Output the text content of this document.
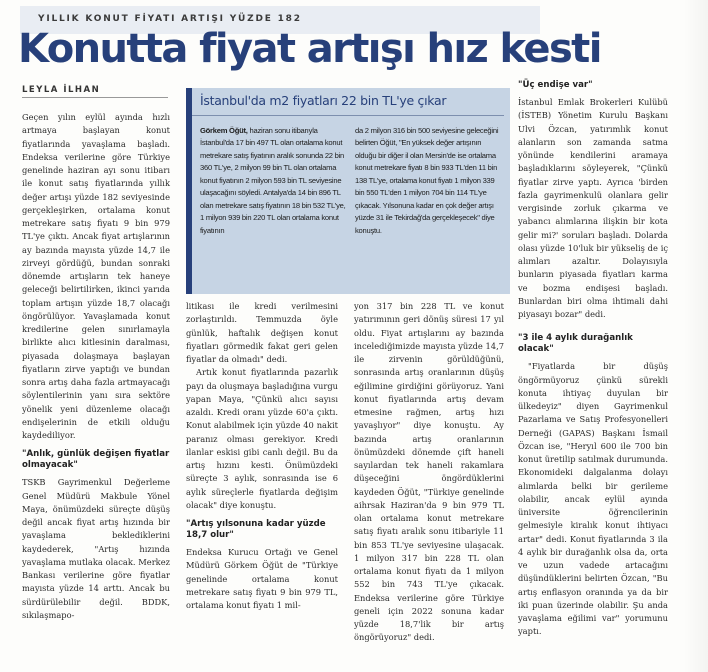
YILLIK KONUT FİYATI ARTIŞI YÜZDE 182
Konutta fiyat artışı hız kesti
LEYLA İLHAN

Geçen yılın eylül ayında hızlı artmaya başlayan konut fiyatlarında yavaşlama başladı. Endeksa verilerine göre Türkiye genelinde haziran ayı sonu itibarı ile konut satış fiyatlarında yıllık değer artışı yüzde 182 seviyesinde gerçekleşirken, ortalama konut metrekare satış fiyatı 9 bin 979 TL'ye çıktı. Ancak fiyat artışlarının ay bazında mayısta yüzde 14,7 ile zirveyi gördüğü, bundan sonraki dönemde artışların tek haneye geleceği belirtilirken, ikinci yarıda toplam artışın yüzde 18,7 olacağı öngörülüyor. Yavaşlamada konut kredilerine gelen sınırlamayla birlikte alıcı kitlesinin daralması, piyasada dolaşmaya başlayan fiyatların zirve yaptığı ve bundan sonra artış daha fazla artmayacağı söylentilerinin yanı sıra sektöre yönelik yeni düzenleme olacağı endişelerinin de etkili olduğu kaydediliyor.

"Anlık, günlük değişen fiyatlar olmayacak"

TSKB Gayrimenkul Değerleme Genel Müdürü Makbule Yönel Maya, önümüzdeki süreçte düşüş değil ancak fiyat artış hızında bir yavaşlama beklediklerini kaydederek, "Artış hızında yavaşlama mutlaka olacak. Merkez Bankası verilerine göre fiyatlar mayısta yüzde 14 arttı. Ancak bu sürdürülebilir değil. BDDK, sıkılaşmapo-

İstanbul'da m2 fiyatları 22 bin TL'ye çıkar
Görkem Öğüt, haziran sonu itibarıyla İstanbul'da 17 bin 497 TL olan ortalama konut metrekare satış fiyatının aralık sonunda 22 bin 360 TL'ye, 2 milyon 99 bin TL olan ortalama konut fiyatının 2 milyon 593 bin TL seviyesine ulaşacağını söyledi. Antalya'da 14 bin 896 TL olan metrekare satış fiyatının 18 bin 532 TL'ye, 1 milyon 939 bin 220 TL olan ortalama konut fiyatının
da 2 milyon 316 bin 500 seviyesine geleceğini belirten Öğüt, "En yüksek değer artışının olduğu bir diğer il olan Mersin'de ise ortalama konut metrekare fiyatı 8 bin 933 TL'den 11 bin 138 TL'ye, ortalama konut fiyatı 1 milyon 339 bin 550 TL'den 1 milyon 704 bin 114 TL'ye çıkacak. Yılsonuna kadar en çok değer artışı yüzde 31 ile Tekirdağ'da gerçekleşecek" diye konuştu.

litikası ile kredi verilmesini zorlaştırıldı. Temmuzda öyle günlük, haftalık değişen konut fiyatları görmedik fakat geri gelen fiyatlar da olmadı" dedi.

Artık konut fiyatlarında pazarlık payı da oluşmaya başladığına vurgu yapan Maya, "Çünkü alıcı sayısı azaldı. Kredi oranı yüzde 60'a çıktı. Konut alabilmek için yüzde 40 nakit paranız olması gerekiyor. Kredi ilanlar eskisi gibi canlı değil. Bu da artış hızını kesti. Önümüzdeki süreçte 3 aylık, sonrasında ise 6 aylık süreçlerle fiyatlarda değişim olacak" diye konuştu.

"Artış yılsonuna kadar yüzde 18,7 olur"

Endeksa Kurucu Ortağı ve Genel Müdürü Görkem Öğüt de "Türkiye genelinde ortalama konut metrekare satış fiyatı 9 bin 979 TL, ortalama konut fiyatı 1 mil-

yon 317 bin 228 TL ve konut yatırımının geri dönüş süresi 17 yıl oldu. Fiyat artışlarını ay bazında incelediğimizde mayısta yüzde 14,7 ile zirvenin görüldüğünü, sonrasında artış oranlarının düşüş eğilimine girdiğini görüyoruz. Yani konut fiyatlarında artış devam etmesine rağmen, artış hızı yavaşlıyor" diye konuştu. Ay bazında artış oranlarının önümüzdeki dönemde çift haneli sayılardan tek haneli rakamlara düşeceğini öngördüklerini kaydeden Öğüt, "Türkiye genelinde aihrsak Haziran'da 9 bin 979 TL olan ortalama konut metrekare satış fiyatı aralık sonu itibariyle 11 bin 853 TL'ye seviyesine ulaşacak. 1 milyon 317 bin 228 TL olan ortalama konut fiyatı da 1 milyon 552 bin 743 TL'ye çıkacak. Endeksa verilerine göre Türkiye geneli için 2022 sonuna kadar yüzde 18,7'lik bir artış öngörüyoruz" dedi.

"Üç endişe var"

İstanbul Emlak Brokerleri Kulübü (İSTEB) Yönetim Kurulu Başkanı Ulvi Özcan, yatırımlık konut alanların son zamanda satma yönünde kendilerini aramaya başladıklarını söyleyerek, "Çünkü fiyatlar zirve yaptı. Ayrıca 'birden fazla gayrimenkulü olanlara gelir vergisinde zorluk çıkarma ve yabancı alımlarına ilişkin bir kota gelir mi?' soruları başladı. Dolarda olası yüzde 10'luk bir yükseliş de iç alımları azaltır. Dolayısıyla bunların piyasada fiyatları karma ve bozma endişesi başladı. Bunlardan biri olma ihtimali dahi piyasayı bozar" dedi.

"3 ile 4 aylık durağanlık olacak"

"Fiyatlarda bir düşüş öngörmüyoruz çünkü sürekli konuta ihtiyaç duyulan bir ülkedeyiz" diyen Gayrimenkul Pazarlama ve Satış Profesyonelleri Derneği (GAPAS) Başkanı İsmail Özcan ise, "Heryıl 600 ile 700 bin konut üretilip satılmak durumunda. Ekonomideki dalgalanma dolayı alımlarda belki bir gerileme olabilir, ancak eylül ayında üniversite öğrencilerinin gelmesiyle kiralık konut ihtiyacı artar" dedi. Konut fiyatlarında 3 ila 4 aylık bir durağanlık olsa da, orta ve uzun vadede artacağını düşündüklerini belirten Özcan, "Bu artış enflasyon oranında ya da bir iki puan üzerinde olabilir. Şu anda yavaşlama eğilimi var" yorumunu yaptı.
